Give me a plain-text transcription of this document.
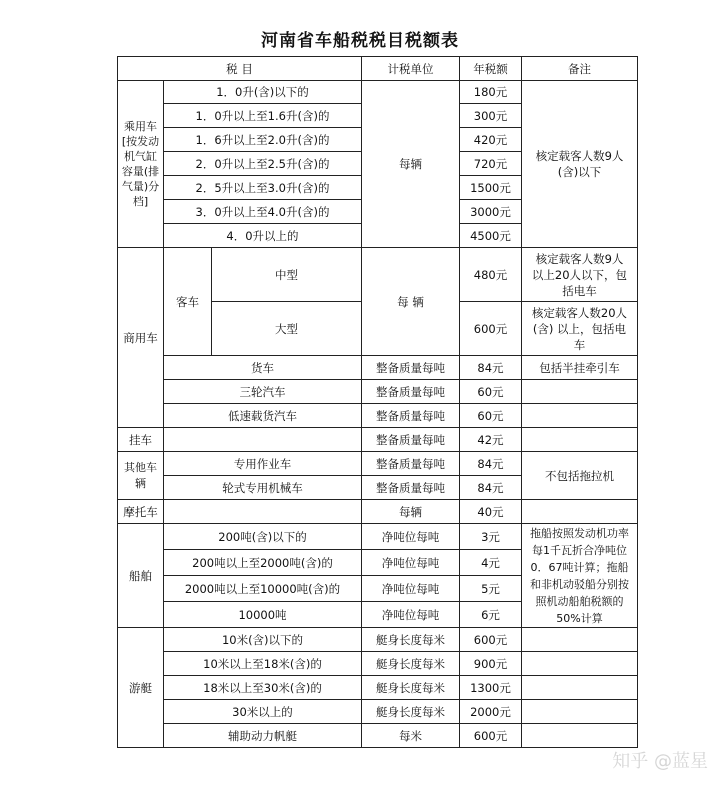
河南省车船税税目税额表
税 目			计税单位	年税额	备注
乘用车[按发动机气缸容量(排气量)分档]	1．0升(含)以下的		每辆	180元	核定载客人数9人(含)以下
	1．0升以上至1.6升(含)的			300元	
	1．6升以上至2.0升(含)的			420元	
	2．0升以上至2.5升(含)的			720元	
	2．5升以上至3.0升(含)的			1500元	
	3．0升以上至4.0升(含)的			3000元	
	4．0升以上的			4500元	
商用车	客车	中型	每 辆	480元	核定载客人数9人以上20人以下，包括电车
		大型		600元	核定载客人数20人(含) 以上，包括电车
	货车		整备质量每吨	84元	包括半挂牵引车
	三轮汽车		整备质量每吨	60元	
	低速载货汽车		整备质量每吨	60元	
挂车			整备质量每吨	42元	
其他车辆	专用作业车		整备质量每吨	84元	不包括拖拉机
	轮式专用机械车		整备质量每吨	84元	
摩托车			每辆	40元	
船舶	200吨(含)以下的		净吨位每吨	3元	拖船按照发动机功率每1千瓦折合净吨位0．67吨计算；拖船和非机动驳船分别按照机动船舶税额的50%计算
	200吨以上至2000吨(含)的		净吨位每吨	4元	
	2000吨以上至10000吨(含)的		净吨位每吨	5元	
	10000吨		净吨位每吨	6元	
游艇	10米(含)以下的		艇身长度每米	600元	
	10米以上至18米(含)的		艇身长度每米	900元	
	18米以上至30米(含)的		艇身长度每米	1300元	
	30米以上的		艇身长度每米	2000元	
	辅助动力帆艇		每米	600元	
知乎 @蓝星
